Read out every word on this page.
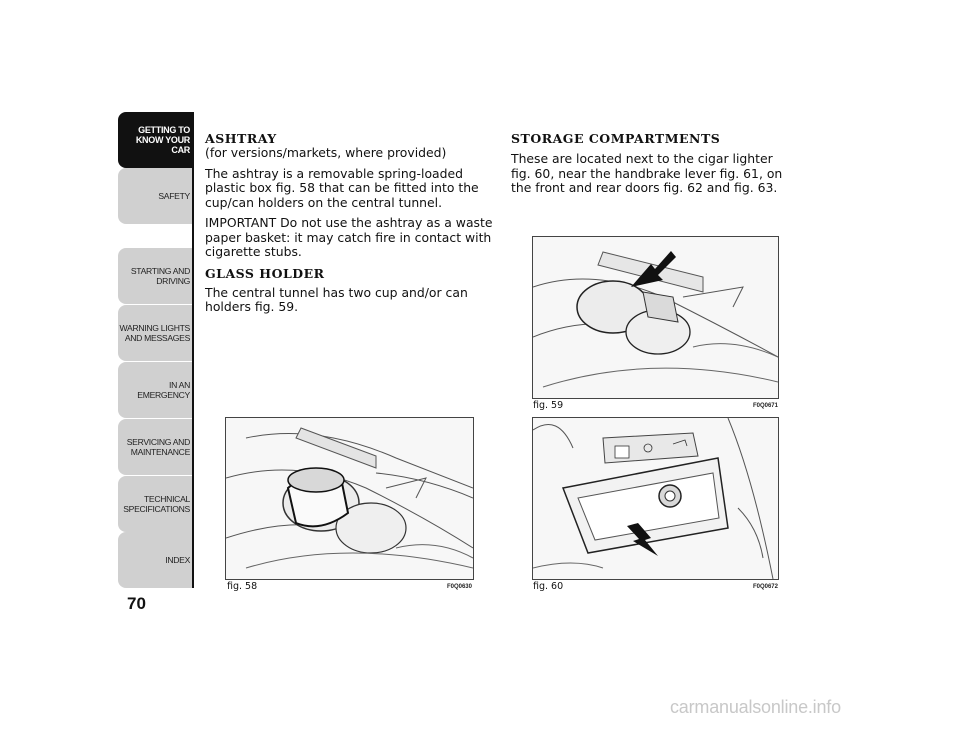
GETTING TO
KNOW YOUR CAR
SAFETY
STARTING AND
DRIVING
WARNING LIGHTS
AND MESSAGES
IN AN EMERGENCY
SERVICING AND
MAINTENANCE
TECHNICAL
SPECIFICATIONS
INDEX
70
ASHTRAY

(for versions/markets, where provided)

The ashtray is a removable spring-loaded plastic box fig. 58 that can be fitted into the cup/can holders on the central tunnel.

IMPORTANT Do not use the ashtray as a waste paper basket: it may catch fire in contact with cigarette stubs.

GLASS HOLDER

The central tunnel has two cup and/or can holders fig. 59.

STORAGE COMPARTMENTS

These are located next to the cigar lighter fig. 60, near the handbrake lever fig. 61, on the front and rear doors fig. 62 and fig. 63.

fig. 58	F0Q0630
fig. 59	F0Q0671
fig. 60	F0Q0672
carmanualsonline.info
